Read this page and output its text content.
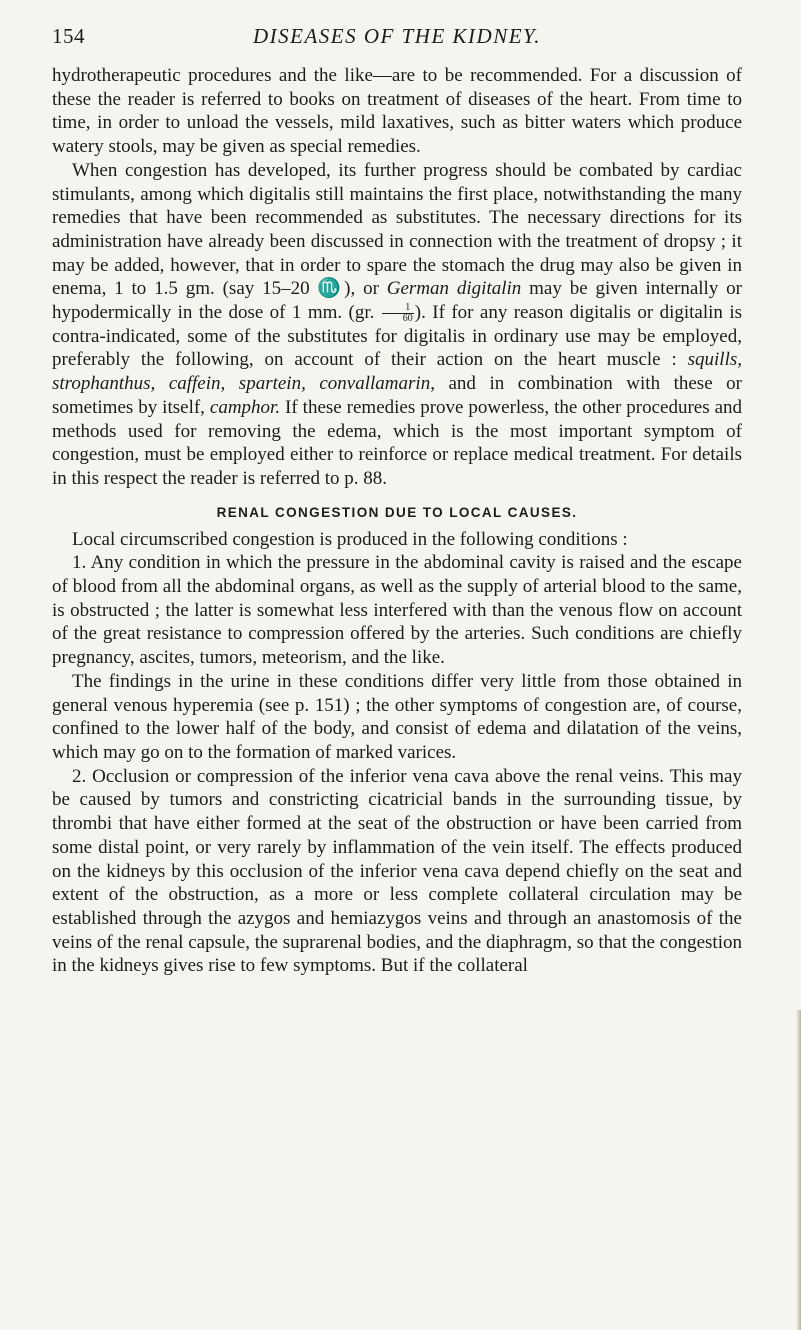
154	DISEASES OF THE KIDNEY.

hydrotherapeutic procedures and the like—are to be recommended. For a discussion of these the reader is referred to books on treatment of diseases of the heart. From time to time, in order to unload the vessels, mild laxatives, such as bitter waters which produce watery stools, may be given as special remedies.

When congestion has developed, its further progress should be combated by cardiac stimulants, among which digitalis still maintains the first place, notwithstanding the many remedies that have been recommended as substitutes. The necessary directions for its administration have already been discussed in connection with the treatment of dropsy ; it may be added, however, that in order to spare the stomach the drug may also be given in enema, 1 to 1.5 gm. (say 15–20 ♏), or German digitalin may be given internally or hypodermically in the dose of 1 mm. (gr. $\frac{1}{60}$ ). If for any reason digitalis or digitalin is contra-indicated, some of the substitutes for digitalis in ordinary use may be employed, preferably the following, on account of their action on the heart muscle : squills, strophanthus, caffein, spartein, convallamarin, and in combination with these or sometimes by itself, camphor. If these remedies prove powerless, the other procedures and methods used for removing the edema, which is the most important symptom of congestion, must be employed either to reinforce or replace medical treatment. For details in this respect the reader is referred to p. 88.

RENAL CONGESTION DUE TO LOCAL CAUSES.

Local circumscribed congestion is produced in the following conditions :

1. Any condition in which the pressure in the abdominal cavity is raised and the escape of blood from all the abdominal organs, as well as the supply of arterial blood to the same, is obstructed ; the latter is somewhat less interfered with than the venous flow on account of the great resistance to compression offered by the arteries. Such conditions are chiefly pregnancy, ascites, tumors, meteorism, and the like.

The findings in the urine in these conditions differ very little from those obtained in general venous hyperemia (see p. 151) ; the other symptoms of congestion are, of course, confined to the lower half of the body, and consist of edema and dilatation of the veins, which may go on to the formation of marked varices.

2. Occlusion or compression of the inferior vena cava above the renal veins. This may be caused by tumors and constricting cicatricial bands in the surrounding tissue, by thrombi that have either formed at the seat of the obstruction or have been carried from some distal point, or very rarely by inflammation of the vein itself. The effects produced on the kidneys by this occlusion of the inferior vena cava depend chiefly on the seat and extent of the obstruction, as a more or less complete collateral circulation may be established through the azygos and hemiazygos veins and through an anastomosis of the veins of the renal capsule, the suprarenal bodies, and the diaphragm, so that the congestion in the kidneys gives rise to few symptoms. But if the collateral
